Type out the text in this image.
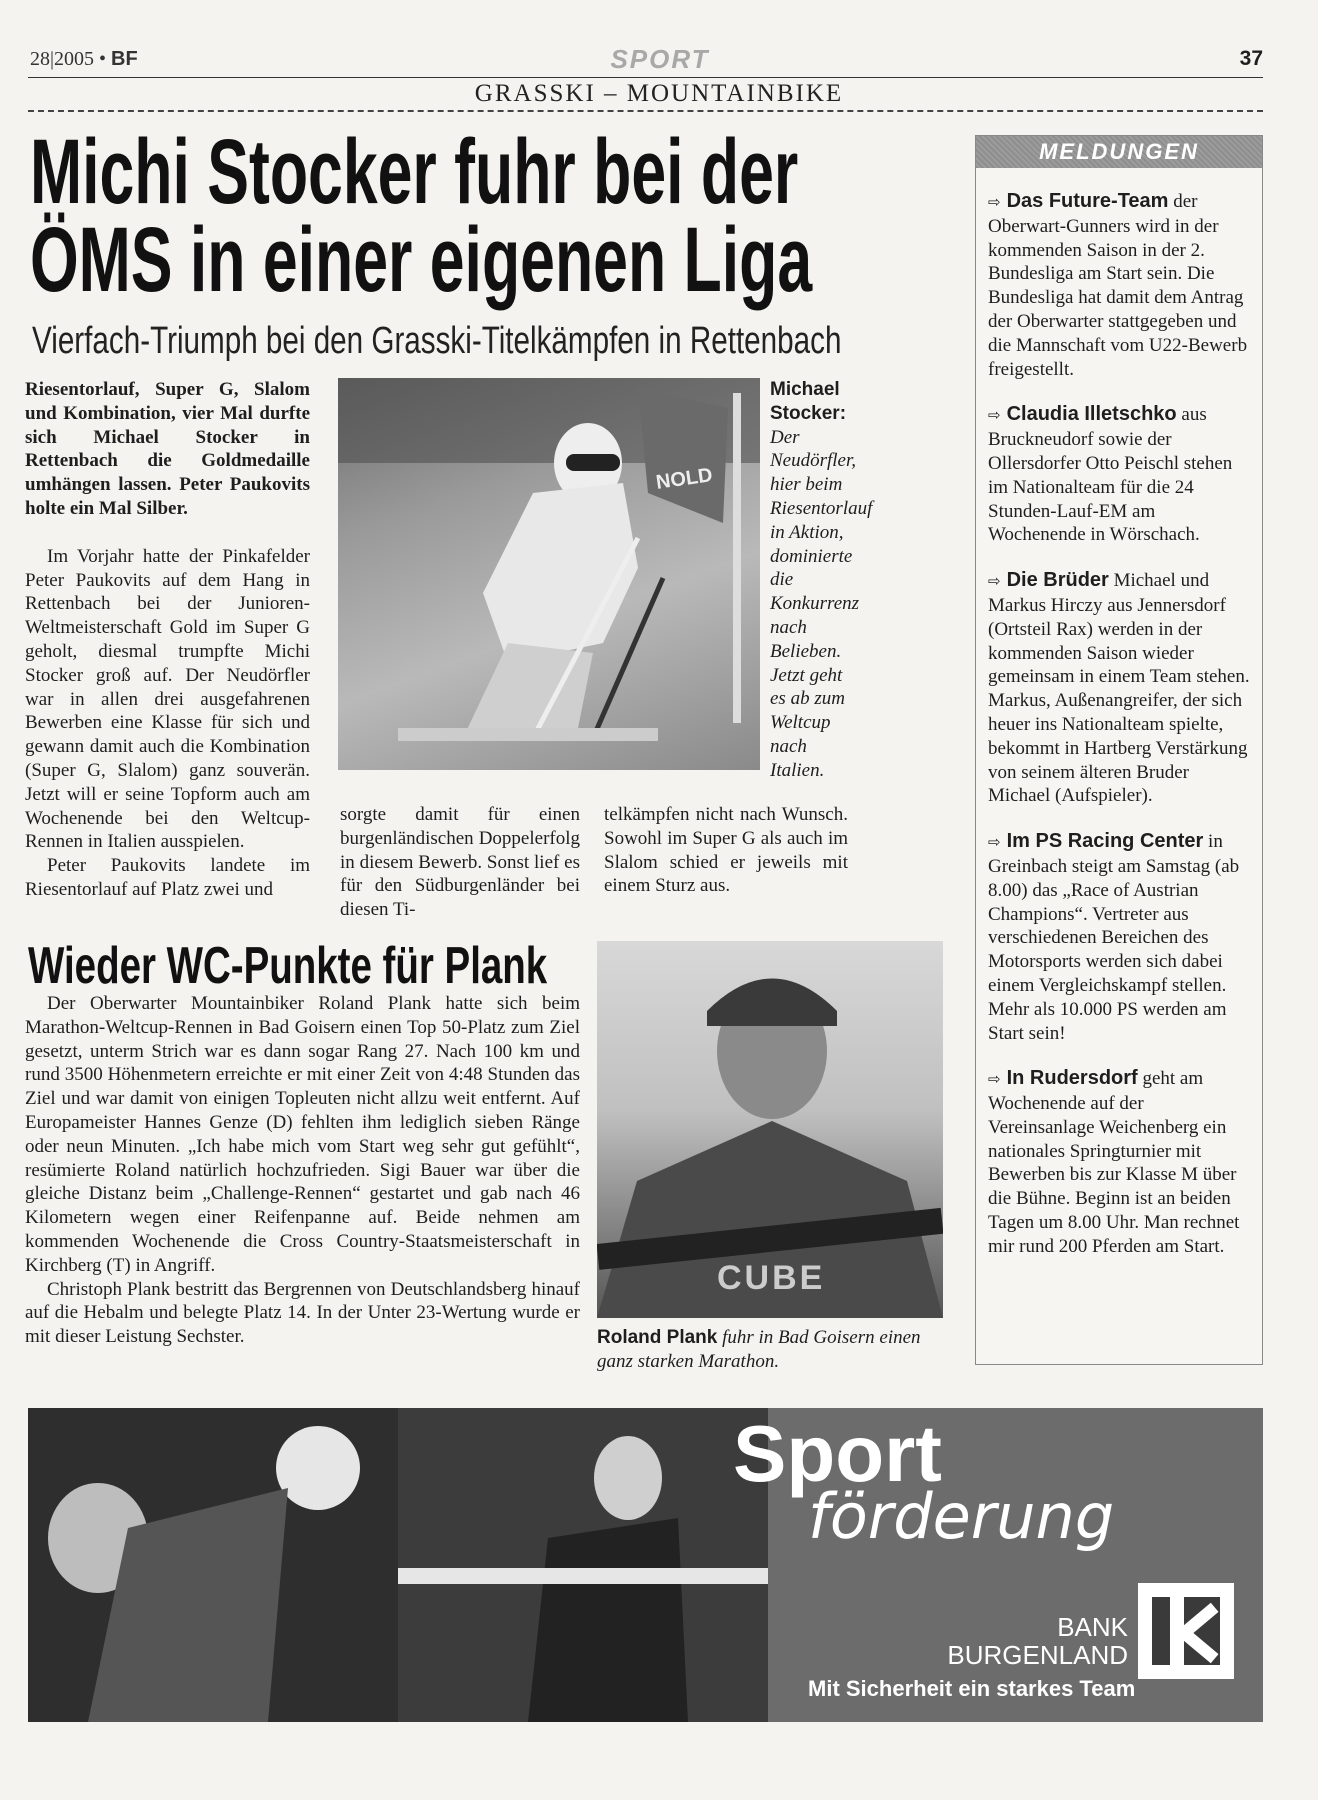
28|2005 • BF	SPORT	37
GRASSKI – MOUNTAINBIKE
Michi Stocker fuhr bei der
ÖMS in einer eigenen Liga
Vierfach-Triumph bei den Grasski-Titelkämpfen in Rettenbach
Riesentorlauf, Super G, Slalom und Kombination, vier Mal durfte sich Michael Stocker in Rettenbach die Goldmedaille umhängen lassen. Peter Paukovits holte ein Mal Silber.

Im Vorjahr hatte der Pinkafelder Peter Paukovits auf dem Hang in Rettenbach bei der Junioren-Weltmeisterschaft Gold im Super G geholt, diesmal trumpfte Michi Stocker groß auf. Der Neudörfler war in allen drei ausgefahrenen Bewerben eine Klasse für sich und gewann damit auch die Kombination (Super G, Slalom) ganz souverän. Jetzt will er seine Topform auch am Wochenende bei den Weltcup-Rennen in Italien ausspielen.

Peter Paukovits landete im Riesentorlauf auf Platz zwei und

NOLD
Michael Stocker:
Der Neudörfler, hier beim Riesentorlauf in Aktion, dominierte die Konkurrenz nach Belieben. Jetzt geht es ab zum Weltcup nach Italien.
sorgte damit für einen burgenländischen Doppelerfolg in diesem Bewerb. Sonst lief es für den Südburgenländer bei diesen Ti-
telkämpfen nicht nach Wunsch. Sowohl im Super G als auch im Slalom schied er jeweils mit einem Sturz aus.
Wieder WC-Punkte für Plank

Der Oberwarter Mountainbiker Roland Plank hatte sich beim Marathon-Weltcup-Rennen in Bad Goisern einen Top 50-Platz zum Ziel gesetzt, unterm Strich war es dann sogar Rang 27. Nach 100 km und rund 3500 Höhenmetern erreichte er mit einer Zeit von 4:48 Stunden das Ziel und war damit von einigen Topleuten nicht allzu weit entfernt. Auf Europameister Hannes Genze (D) fehlten ihm lediglich sieben Ränge oder neun Minuten. „Ich habe mich vom Start weg sehr gut gefühlt“, resümierte Roland natürlich hochzufrieden. Sigi Bauer war über die gleiche Distanz beim „Challenge-Rennen“ gestartet und gab nach 46 Kilometern wegen einer Reifenpanne auf. Beide nehmen am kommenden Wochenende die Cross Country-Staatsmeisterschaft in Kirchberg (T) in Angriff.

Christoph Plank bestritt das Bergrennen von Deutschlandsberg hinauf auf die Hebalm und belegte Platz 14. In der Unter 23-Wertung wurde er mit dieser Leistung Sechster.

CUBE
Roland Plank fuhr in Bad Goisern einen ganz starken Marathon.
MELDUNGEN
⇨ Das Future-Team der Oberwart-Gunners wird in der kommenden Saison in der 2. Bundesliga am Start sein. Die Bundesliga hat damit dem Antrag der Oberwarter stattgegeben und die Mannschaft vom U22-Bewerb freigestellt.
⇨ Claudia Illetschko aus Bruckneudorf sowie der Ollersdorfer Otto Peischl stehen im Nationalteam für die 24 Stunden-Lauf-EM am Wochenende in Wörschach.
⇨ Die Brüder Michael und Markus Hirczy aus Jennersdorf (Ortsteil Rax) werden in der kommenden Saison wieder gemeinsam in einem Team stehen. Markus, Außenangreifer, der sich heuer ins Nationalteam spielte, bekommt in Hartberg Verstärkung von seinem älteren Bruder Michael (Aufspieler).
⇨ Im PS Racing Center in Greinbach steigt am Samstag (ab 8.00) das „Race of Austrian Champions“. Vertreter aus verschiedenen Bereichen des Motorsports werden sich dabei einem Vergleichskampf stellen. Mehr als 10.000 PS werden am Start sein!
⇨ In Rudersdorf geht am Wochenende auf der Vereinsanlage Weichenberg ein nationales Springturnier mit Bewerben bis zur Klasse M über die Bühne. Beginn ist an beiden Tagen um 8.00 Uhr. Man rechnet mir rund 200 Pferden am Start.
Sport
förderung
BANK
BURGENLAND
Mit Sicherheit ein starkes Team
